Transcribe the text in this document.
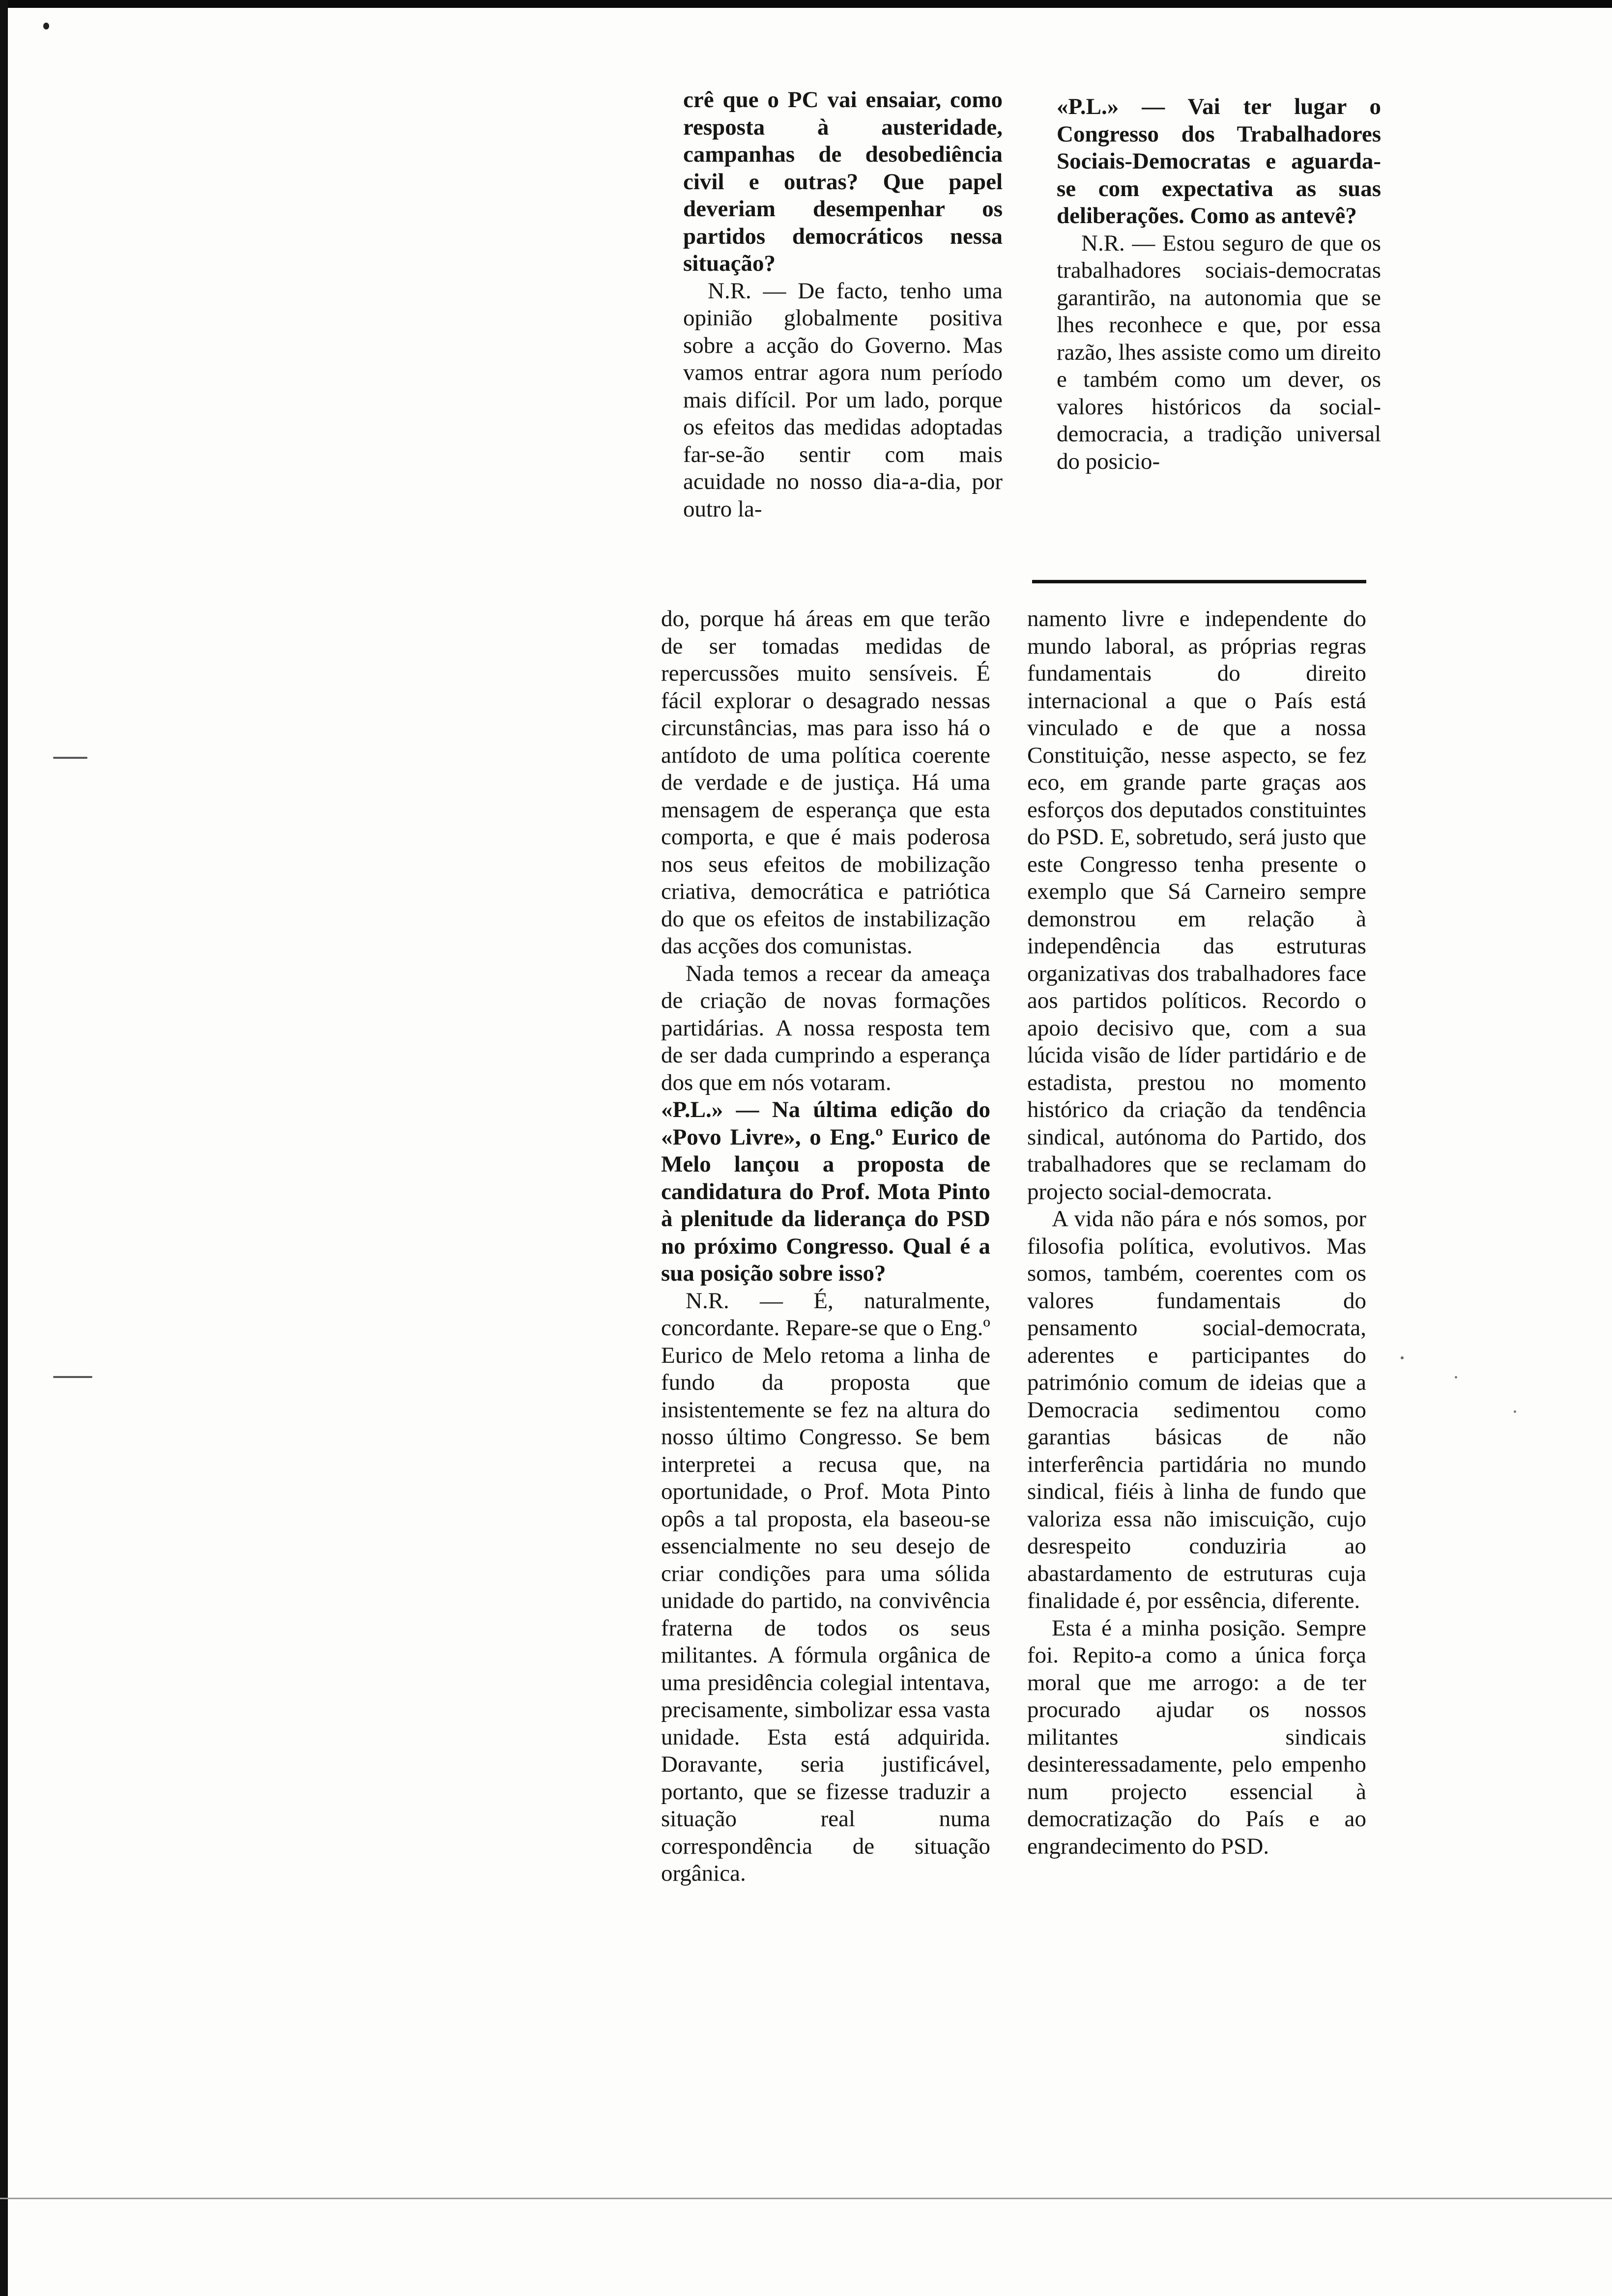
crê que o PC vai ensaiar, como resposta à austeridade, campanhas de desobediência civil e outras? Que papel deveriam desempenhar os partidos democráticos nessa situação?

N.R. — De facto, tenho uma opinião globalmente positiva sobre a acção do Governo. Mas vamos entrar agora num período mais difícil. Por um lado, porque os efeitos das medidas adoptadas far-se-ão sentir com mais acuidade no nosso dia-a-dia, por outro la-

«P.L.» — Vai ter lugar o Congresso dos Trabalhadores Sociais-Democratas e aguarda-se com expectativa as suas deliberações. Como as antevê?

N.R. — Estou seguro de que os trabalhadores sociais-democratas garantirão, na autonomia que se lhes reconhece e que, por essa razão, lhes assiste como um direito e também como um dever, os valores históricos da social-democracia, a tradição universal do posicio-

do, porque há áreas em que terão de ser tomadas medidas de repercussões muito sensíveis. É fácil explorar o desagrado nessas circunstâncias, mas para isso há o antídoto de uma política coerente de verdade e de justiça. Há uma mensagem de esperança que esta comporta, e que é mais poderosa nos seus efeitos de mobilização criativa, democrática e patriótica do que os efeitos de instabilização das acções dos comunistas.

Nada temos a recear da ameaça de criação de novas formações partidárias. A nossa resposta tem de ser dada cumprindo a esperança dos que em nós votaram.

«P.L.» — Na última edição do «Povo Livre», o Eng.º Eurico de Melo lançou a proposta de candidatura do Prof. Mota Pinto à plenitude da liderança do PSD no próximo Congresso. Qual é a sua posição sobre isso?

N.R. — É, naturalmente, concordante. Repare-se que o Eng.º Eurico de Melo retoma a linha de fundo da proposta que insistentemente se fez na altura do nosso último Congresso. Se bem interpretei a recusa que, na oportunidade, o Prof. Mota Pinto opôs a tal proposta, ela baseou-se essencialmente no seu desejo de criar condições para uma sólida unidade do partido, na convivência fraterna de todos os seus militantes. A fórmula orgânica de uma presidência colegial intentava, precisamente, simbolizar essa vasta unidade. Esta está adquirida. Doravante, seria justificável, portanto, que se fizesse traduzir a situação real numa correspondência de situação orgânica.

namento livre e independente do mundo laboral, as próprias regras fundamentais do direito internacional a que o País está vinculado e de que a nossa Constituição, nesse aspecto, se fez eco, em grande parte graças aos esforços dos deputados constituintes do PSD. E, sobretudo, será justo que este Congresso tenha presente o exemplo que Sá Carneiro sempre demonstrou em relação à independência das estruturas organizativas dos trabalhadores face aos partidos políticos. Recordo o apoio decisivo que, com a sua lúcida visão de líder partidário e de estadista, prestou no momento histórico da criação da tendência sindical, autónoma do Partido, dos trabalhadores que se reclamam do projecto social-democrata.

A vida não pára e nós somos, por filosofia política, evolutivos. Mas somos, também, coerentes com os valores fundamentais do pensamento social-democrata, aderentes e participantes do património comum de ideias que a Democracia sedimentou como garantias básicas de não interferência partidária no mundo sindical, fiéis à linha de fundo que valoriza essa não imiscuição, cujo desrespeito conduziria ao abastardamento de estruturas cuja finalidade é, por essência, diferente.

Esta é a minha posição. Sempre foi. Repito-a como a única força moral que me arrogo: a de ter procurado ajudar os nossos militantes sindicais desinteressadamente, pelo empenho num projecto essencial à democratização do País e ao engrandecimento do PSD.
